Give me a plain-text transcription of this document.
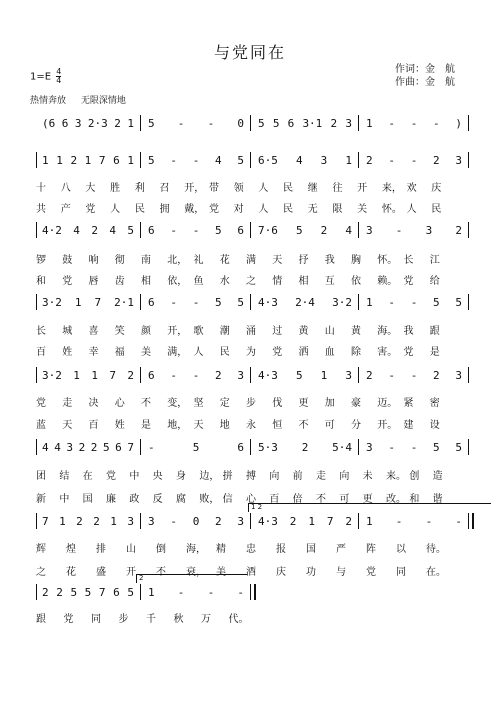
与党同在
作词：金　航
作曲：金　航
$1=E \frac{4}{4}$
热情奔放 无限深情地
(6 6 3 2·3 2 1 5 - - 0 5 5 6 3·1 2 3 1 - - - )
1 1 2 1 7 6 1 5 - - 4 5 6·5 4 3 1 2 - - 2 3
十 八 大 胜 利 召 开， 带 领 人 民 继 往 开 来， 欢 庆
共 产 党 人 民 拥 戴， 党 对 人 民 无 限 关 怀。 人 民
4·2 4 2 4 5 6 - - 5 6 7·6 5 2 4 3 - 3 2
锣 鼓 响 彻 南 北， 礼 花 满 天 抒 我 胸 怀。 长 江
和 党 唇 齿 相 依， 鱼 水 之 情 相 互 依 赖。 党 给
3·2 1 7 2·1 6 - - 5 5 4·3 2·4 3·2 1 - - 5 5
长 城 喜 笑 颜 开， 歌 潮 涌 过 黄 山 黄 海。 我 跟
百 姓 幸 福 美 满， 人 民 为 党 洒 血 除 害。 党 是
3·2 1 1 7 2 6 - - 2 3 4·3 5 1 3 2 - - 2 3
党 走 决 心 不 变， 坚 定 步 伐 更 加 豪 迈。 紧 密
蓝 天 百 姓 是 地， 天 地 永 恒 不 可 分 开。 建 设
4 4 3 2 2 5 6 7 -	5	6 5·3 2 5·4 3 - - 5 5
团 结 在 党 中 央 身 边， 拼 搏 向 前 走 向 未 来。 创 造
新 中 国 廉 政 反 腐 败， 信 心 百 倍 不 可 更 改。 和 谐
7 1 2 2 1 3 3 - 0 2 3 4·3 2 1 7 2 1 - - -
辉 煌 排 山 倒 海， 精 忠 报 国 严 阵 以 待。
之 花 盛 开 不 衰， 美 酒 庆 功 与 党 同 在。
2 2 5 5 7 6 5 1 - - -
跟 党 同 步 千 秋 万 代。
1 2
2
